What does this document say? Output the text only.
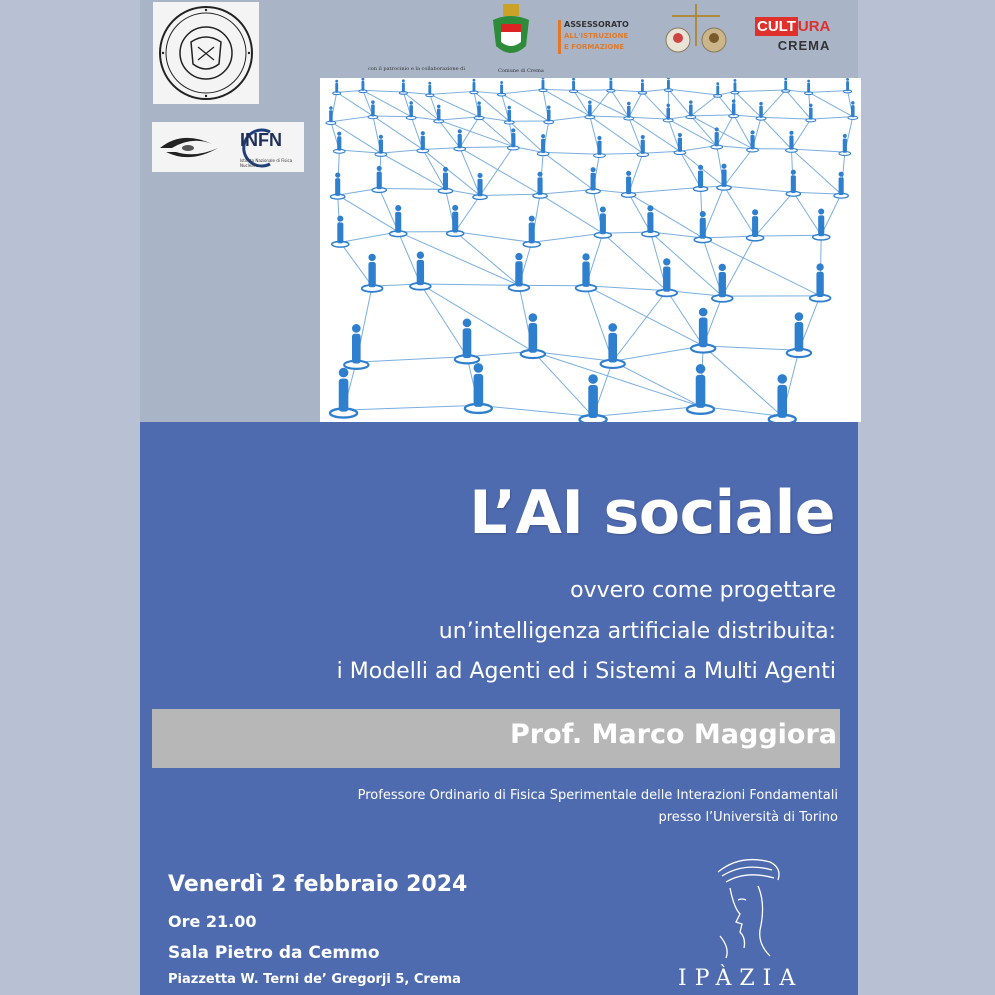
INFN
Istituto Nazionale di Fisica Nucleare
con il patrocinio e la collaborazione di	Comune di Crema
ASSESSORATO
ALL'ISTRUZIONE
E FORMAZIONE
CULT URA
CREMA
L’AI sociale
ovvero come progettare
un’intelligenza artificiale distribuita:
i Modelli ad Agenti ed i Sistemi a Multi Agenti
Prof. Marco Maggiora
Professore Ordinario di Fisica Sperimentale delle Interazioni Fondamentali
presso l’Università di Torino
Venerdì 2 febbraio 2024
Ore 21.00
Sala Pietro da Cemmo
Piazzetta W. Terni de’ Gregorji 5, Crema	IPÀZIA
